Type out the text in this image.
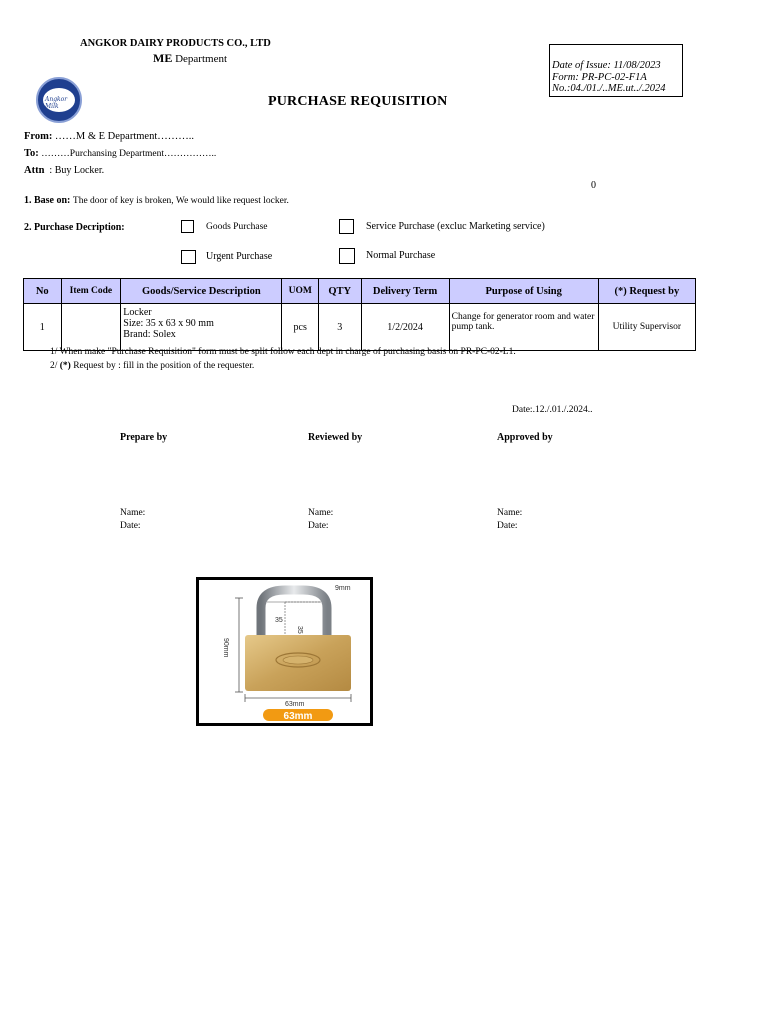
ANGKOR DAIRY PRODUCTS CO., LTD
ME Department
Angkor Milk
Date of Issue: 11/08/2023
Form: PR-PC-02-F1A
No.:04./01./..ME.ut../.2024
PURCHASE REQUISITION
From: ……M & E Department………..
To: ………Purchansing Department……………..
Attn : Buy Locker.
0
1. Base on: The door of key is broken, We would like request locker.
2. Purchase Decription:	Goods Purchase	Service Purchase (excluc Marketing service)
Urgent Purchase	Normal Purchase
No	Item Code	Goods/Service Description	UOM	QTY	Delivery Term	Purpose of Using	(*) Request by
1		Locker
Size: 35 x 63 x 90 mm
Brand: Solex	pcs	3	1/2/2024	Change for generator room and water pump tank.	Utility Supervisor
1/ When make "Purchase Requisition" form must be split follow each dept in charge of purchasing basis on PR-PC-02-L1.
2/ (*) Request by : fill in the position of the requester.
Date:.12./.01./.2024..
Prepare by	Reviewed by	Approved by
Name:
Date:
Name:
Date:
Name:
Date:
9mm
35
35
90mm
63mm
63mm
